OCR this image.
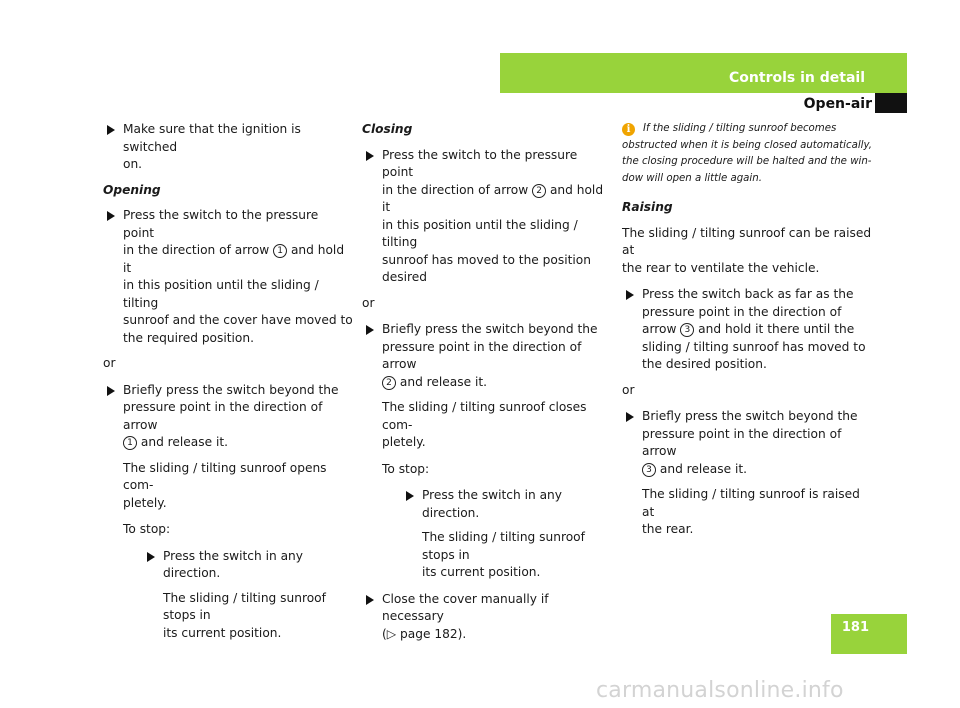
Controls in detail
Open-air
Make sure that the ignition is switched
on.

Opening

Press the switch to the pressure point
in the direction of arrow 1 and hold it
in this position until the sliding / tilting
sunroof and the cover have moved to
the required position.

or

Briefly press the switch beyond the
pressure point in the direction of arrow
1 and release it.

The sliding / tilting sunroof opens com-
pletely.

To stop:

Press the switch in any direction.

The sliding / tilting sunroof stops in
its current position.

Closing

Press the switch to the pressure point
in the direction of arrow 2 and hold it
in this position until the sliding / tilting
sunroof has moved to the position
desired

or

Briefly press the switch beyond the
pressure point in the direction of arrow
2 and release it.

The sliding / tilting sunroof closes com-
pletely.

To stop:

Press the switch in any direction.

The sliding / tilting sunroof stops in
its current position.

Close the cover manually if necessary
(▷ page 182).

i If the sliding / tilting sunroof becomes
obstructed when it is being closed automatically,
the closing procedure will be halted and the win-
dow will open a little again.

Raising

The sliding / tilting sunroof can be raised at
the rear to ventilate the vehicle.

Press the switch back as far as the
pressure point in the direction of
arrow 3 and hold it there until the
sliding / tilting sunroof has moved to
the desired position.

or

Briefly press the switch beyond the
pressure point in the direction of arrow
3 and release it.

The sliding / tilting sunroof is raised at
the rear.

181
carmanualsonline.info
